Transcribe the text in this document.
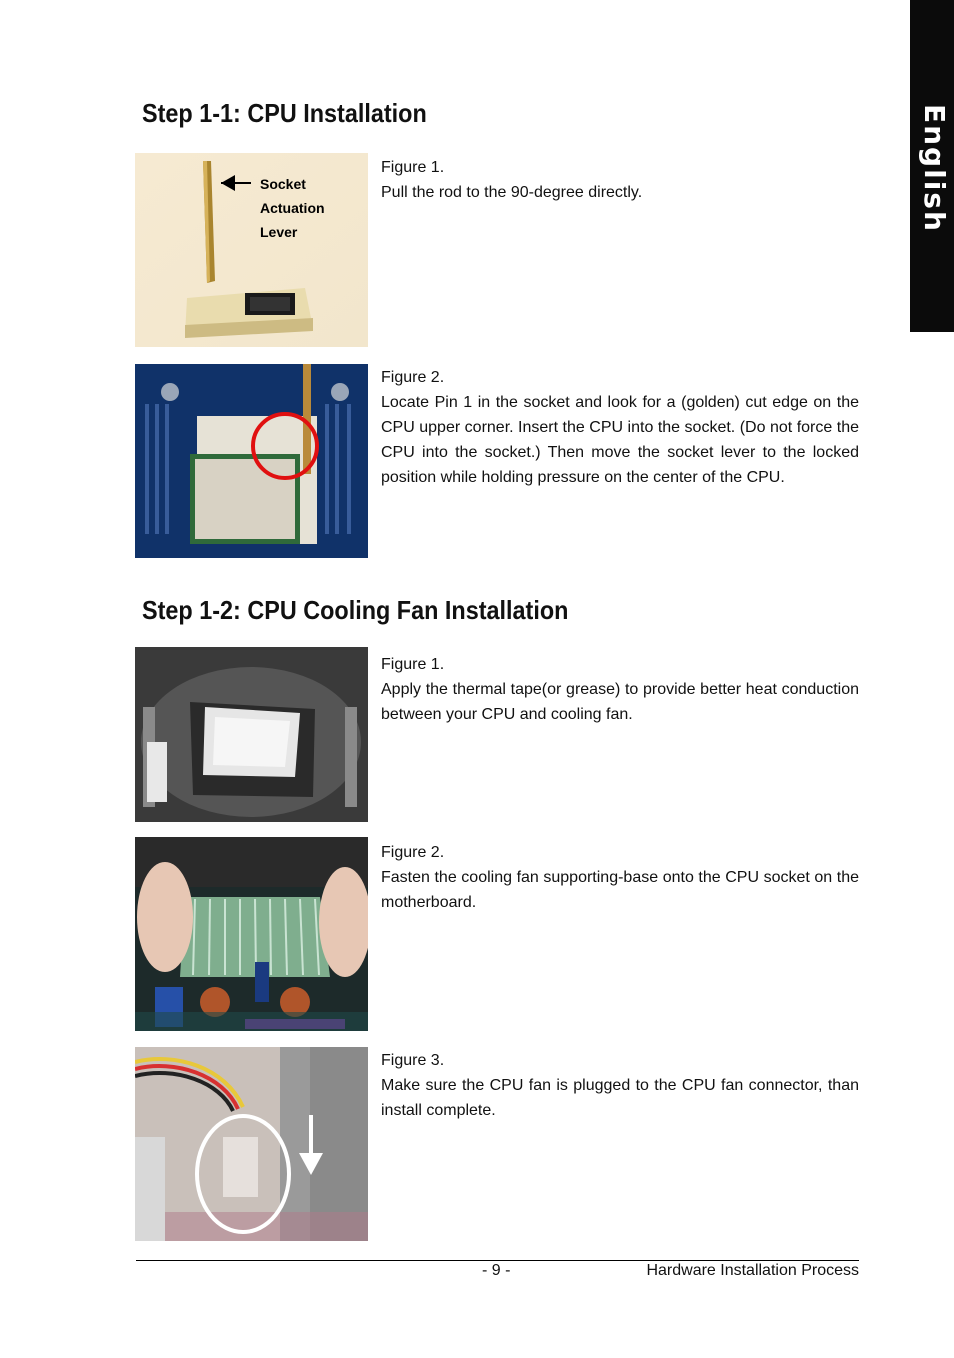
English
Step 1-1: CPU Installation
Socket
Actuation
Lever
Figure 1.
Pull the rod to the 90-degree directly.
Figure 2.
Locate Pin 1 in the socket and look for a (golden) cut edge on the CPU upper corner. Insert the CPU into the socket. (Do not force the CPU into the socket.) Then move the socket lever to the locked position while holding pressure on the center of the CPU.
Step 1-2: CPU Cooling Fan Installation
Figure 1.
Apply the thermal tape(or grease) to provide better heat conduction between your CPU and cooling fan.
Figure 2.
Fasten the cooling fan supporting-base onto the CPU socket on the motherboard.
Figure 3.
Make sure the CPU fan is plugged to the CPU fan connector, than install complete.
- 9 -	Hardware Installation Process
